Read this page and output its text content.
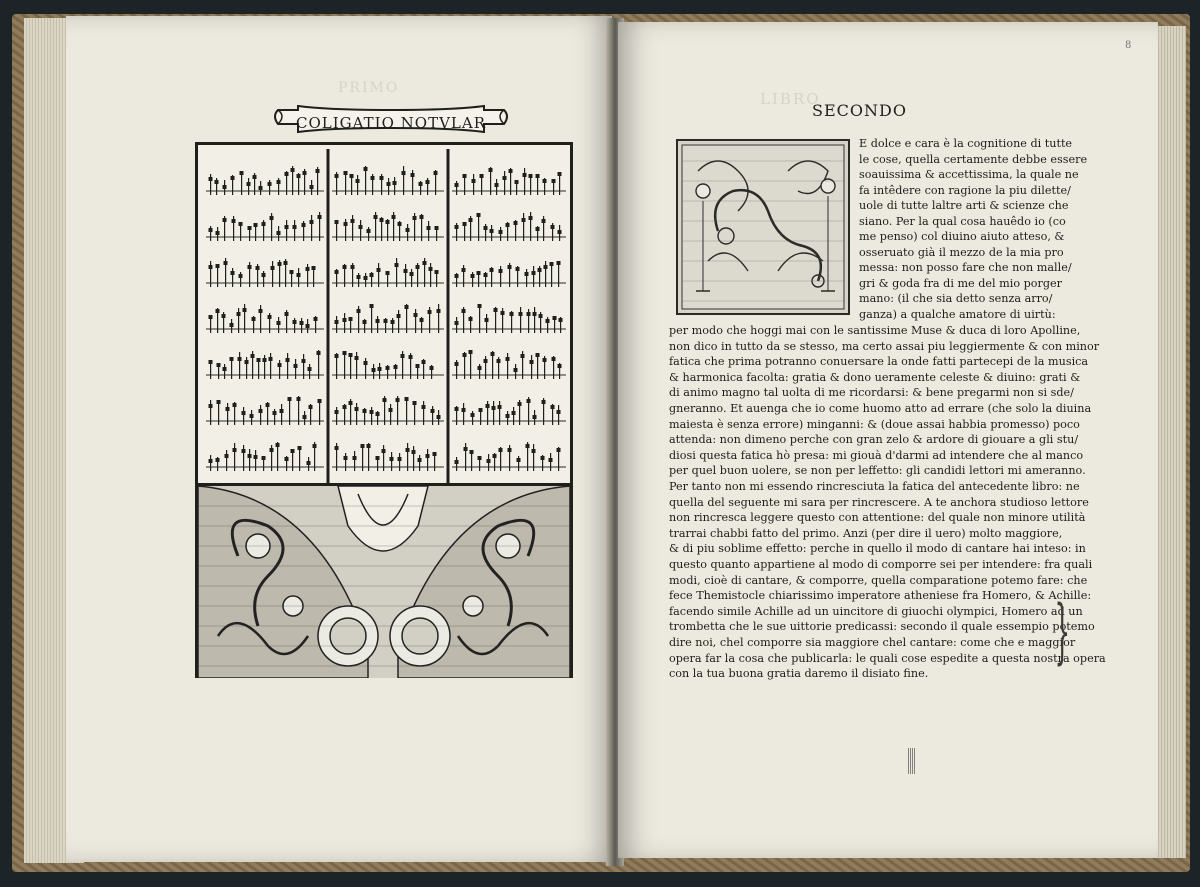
PRIMO
COLIGATIO NOTVLAR
LIBRO
8
SECONDO
E dolce e cara è la cognitione di tutte
le cose, quella certamente debbe essere
soauissima & accettissima, la quale ne
fa intêdere con ragione la piu dilette/
uole di tutte laltre arti & scienze che
siano. Per la qual cosa hauêdo io (co
me penso) col diuino aiuto atteso, &
osseruato già il mezzo de la mia pro
messa: non posso fare che non malle/
gri & goda fra di me del mio porger
mano: (il che sia detto senza arro/
ganza) a qualche amatore di uirtù:
per modo che hoggi mai con le santissime Muse & duca di loro Apolline,
non dico in tutto da se stesso, ma certo assai piu leggiermente & con minor
fatica che prima potranno conuersare la onde fatti partecepi de la musica
& harmonica facolta: gratia & dono ueramente celeste & diuino: grati &
di animo magno tal uolta di me ricordarsi: & bene pregarmi non si sde/
gneranno. Et auenga che io come huomo atto ad errare (che solo la diuina
maiesta è senza errore) minganni: & (doue assai habbia promesso) poco
attenda: non dimeno perche con gran zelo & ardore di giouare a gli stu/
diosi questa fatica hò presa: mi giouà d'darmi ad intendere che al manco
per quel buon uolere, se non per leffetto: gli candidi lettori mi ameranno.
Per tanto non mi essendo rincresciuta la fatica del antecedente libro: ne
quella del seguente mi sara per rincrescere. A te anchora studioso lettore
non rincresca leggere questo con attentione: del quale non minore utilità
trarrai chabbi fatto del primo. Anzi (per dire il uero) molto maggiore,
& di piu soblime effetto: perche in quello il modo di cantare hai inteso: in
questo quanto appartiene al modo di comporre sei per intendere: fra quali
modi, cioè di cantare, & comporre, quella comparatione potemo fare: che
fece Themistocle chiarissimo imperatore atheniese fra Homero, & Achille:
facendo simile Achille ad un uincitore di giuochi olympici, Homero ad un
trombetta che le sue uittorie predicassi: secondo il quale essempio potemo
dire noi, chel comporre sia maggiore chel cantare: come che e maggior
opera far la cosa che publicarla: le quali cose espedite a questa nostra opera
con la tua buona gratia daremo il disiato fine.
}
